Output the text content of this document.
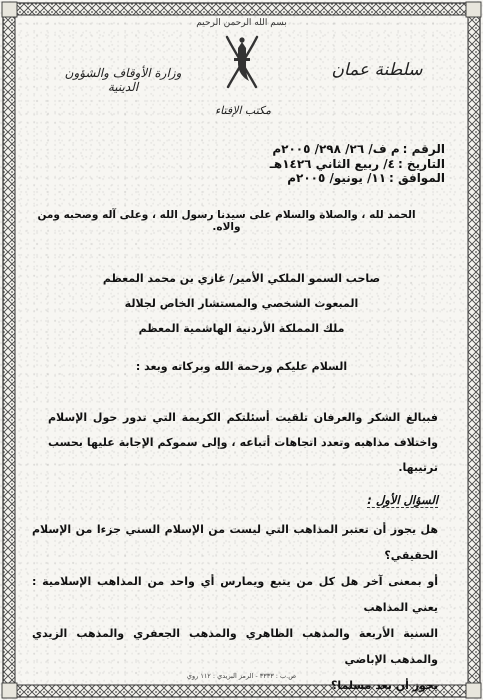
بسم الله الرحمن الرحيم
وزارة الأوقاف والشؤون الدينية
سلطنة عمان
مكتب الإفتاء
الرقم :م ف/ ٢٦/ ٢٩٨/ ٢٠٠٥م
التاريخ :٤/ ربيع الثاني ١٤٢٦هـ
الموافق :١١/ يونيو/ ٢٠٠٥م
الحمد لله ، والصلاة والسلام على سيدنا رسول الله ، وعلى آله وصحبه ومن والاه.
صاحب السمو الملكي الأمير/ غازي بن محمد المعظم
المبعوث الشخصي والمستشار الخاص لجلالة
ملك المملكة الأردنية الهاشمية المعظم
السلام عليكم ورحمة الله وبركاته وبعد :
فببالغ الشكر والعرفان تلقيت أسئلتكم الكريمة التي تدور حول الإسلام واختلاف مذاهبه وتعدد اتجاهات أتباعه ، وإلى سموكم الإجابة عليها بحسب ترتيبها.
السؤال الأول :
هل يجوز أن تعتبر المذاهب التي ليست من الإسلام السني جزءا من الإسلام الحقيقي؟
أو بمعنى آخر هل كل من يتبع ويمارس أي واحد من المذاهب الإسلامية : يعني المذاهب
السنية الأربعة والمذهب الظاهري والمذهب الجعفري والمذهب الزيدي والمذهب الإباضي
يجوز أن يعد مسلما؟
ص.ب : ٣٣٣٣ - الرمز البريدي : ١١٢ روي
